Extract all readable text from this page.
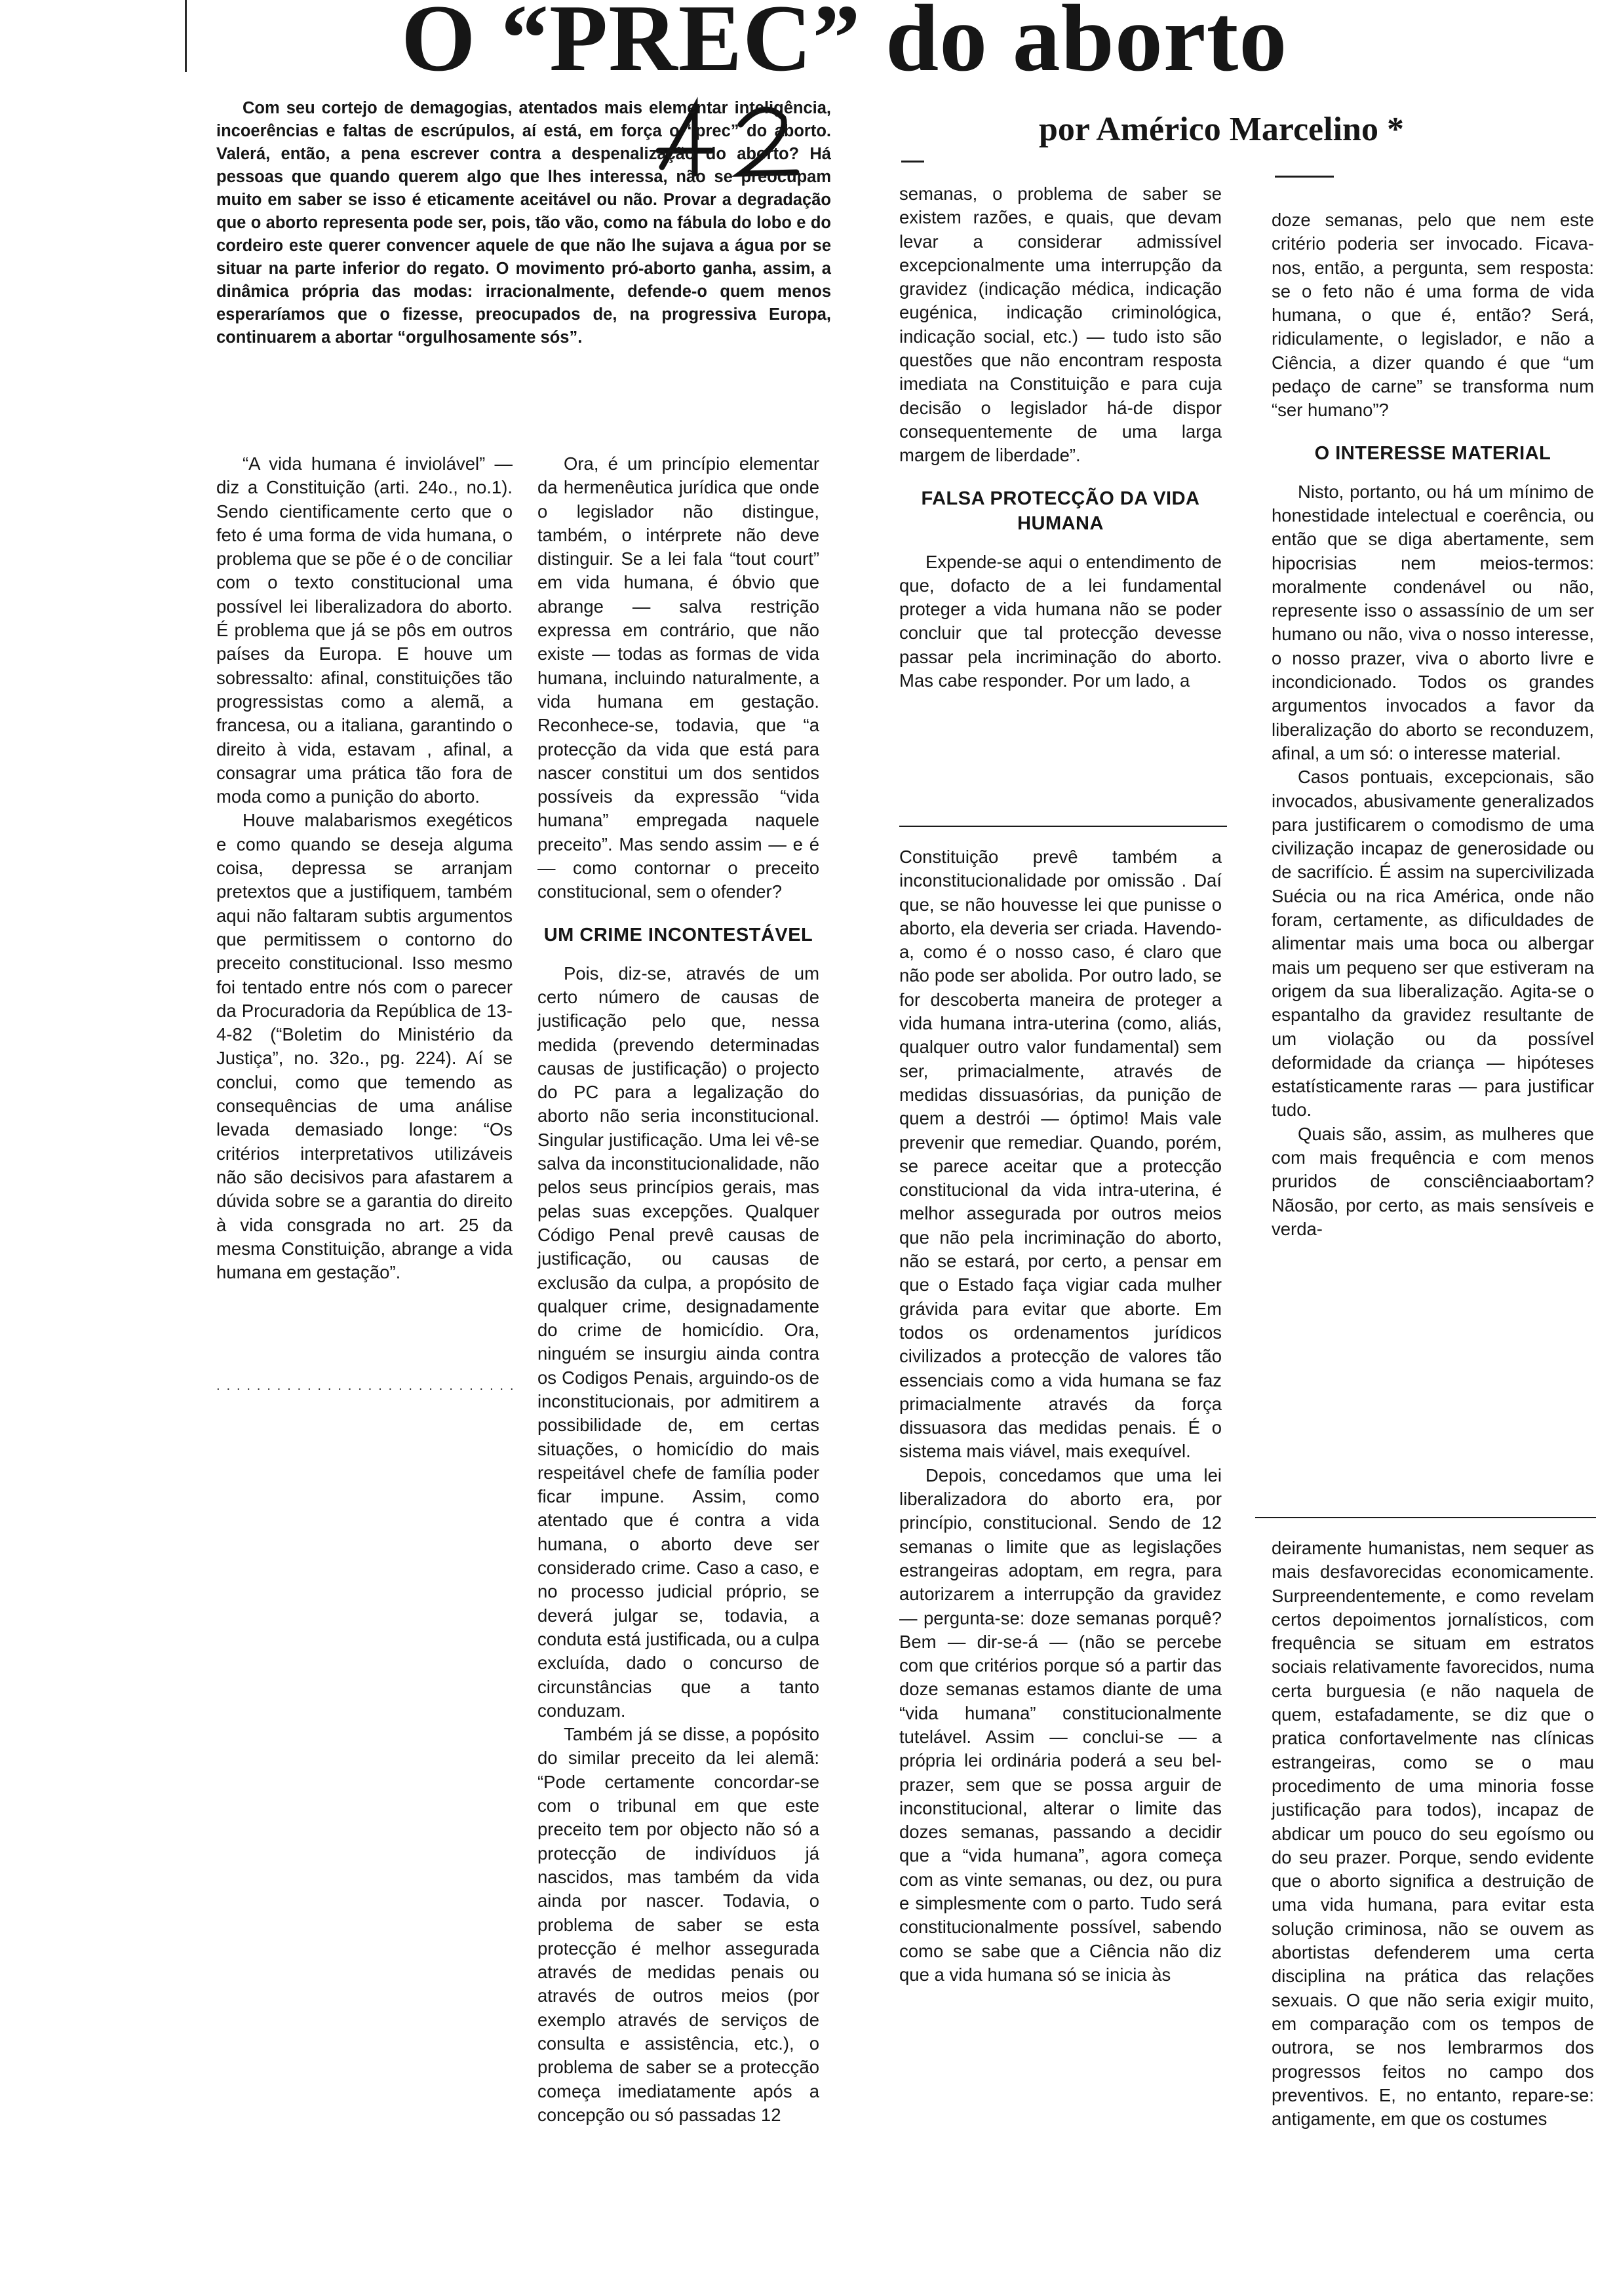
O “PREC” do aborto
por Américo Marcelino *

Com seu cortejo de demagogias, atentados mais elementar inteligência, incoerências e faltas de escrúpulos, aí está, em força o “prec” do aborto. Valerá, então, a pena escrever contra a despenalização do aborto? Há pessoas que quando querem algo que lhes interessa, não se preocupam muito em saber se isso é eticamente aceitável ou não. Provar a degradação que o aborto representa pode ser, pois, tão vão, como na fábula do lobo e do cordeiro este querer convencer aquele de que não lhe sujava a água por se situar na parte inferior do regato. O movimento pró-aborto ganha, assim, a dinâmica própria das modas: irracionalmente, defende-o quem menos esperaríamos que o fizesse, preocupados de, na progressiva Europa, continuarem a abortar “orgulhosamente sós”.

“A vida humana é inviolável” — diz a Constituição (arti. 24o., no.1). Sendo cientificamente certo que o feto é uma forma de vida humana, o problema que se põe é o de conciliar com o texto constitucional uma possível lei liberalizadora do aborto. É problema que já se pôs em outros países da Europa. E houve um sobressalto: afinal, constituições tão progressistas como a alemã, a francesa, ou a italiana, garantindo o direito à vida, estavam , afinal, a consagrar uma prática tão fora de moda como a punição do aborto.

Houve malabarismos exegéticos e como quando se deseja alguma coisa, depressa se arranjam pretextos que a justifiquem, também aqui não faltaram subtis argumentos que permitissem o contorno do preceito constitucional. Isso mesmo foi tentado entre nós com o parecer da Procuradoria da República de 13-4-82 (“Boletim do Ministério da Justiça”, no. 32o., pg. 224). Aí se conclui, como que temendo as consequências de uma análise levada demasiado longe: “Os critérios interpretativos utilizáveis não são decisivos para afastarem a dúvida sobre se a garantia do direito à vida consgrada no art. 25 da mesma Constituição, abrange a vida humana em gestação”.

· · · · · · · · · · · · · · · · · · · · · · · · · · · · · ·

Ora, é um princípio elementar da hermenêutica jurídica que onde o legislador não distingue, também, o intérprete não deve distinguir. Se a lei fala “tout court” em vida humana, é óbvio que abrange — salva restrição expressa em contrário, que não existe — todas as formas de vida humana, incluindo naturalmente, a vida humana em gestação. Reconhece-se, todavia, que “a protecção da vida que está para nascer constitui um dos sentidos possíveis da expressão “vida humana” empregada naquele preceito”. Mas sendo assim — e é — como contornar o preceito constitucional, sem o ofender?

UM CRIME INCONTESTÁVEL

Pois, diz-se, através de um certo número de causas de justificação pelo que, nessa medida (prevendo determinadas causas de justificação) o projecto do PC para a legalização do aborto não seria inconstitucional. Singular justificação. Uma lei vê-se salva da inconstitucionalidade, não pelos seus princípios gerais, mas pelas suas excepções. Qualquer Código Penal prevê causas de justificação, ou causas de exclusão da culpa, a propósito de qualquer crime, designadamente do crime de homicídio. Ora, ninguém se insurgiu ainda contra os Codigos Penais, arguindo-os de inconstitucionais, por admitirem a possibilidade de, em certas situações, o homicídio do mais respeitável chefe de família poder ficar impune. Assim, como atentado que é contra a vida humana, o aborto deve ser considerado crime. Caso a caso, e no processo judicial próprio, se deverá julgar se, todavia, a conduta está justificada, ou a culpa excluída, dado o concurso de circunstâncias que a tanto conduzam.

Também já se disse, a popósito do similar preceito da lei alemã: “Pode certamente concordar-se com o tribunal em que este preceito tem por objecto não só a protecção de indivíduos já nascidos, mas também da vida ainda por nascer. Todavia, o problema de saber se esta protecção é melhor assegurada através de medidas penais ou através de outros meios (por exemplo através de serviços de consulta e assistência, etc.), o problema de saber se a protecção começa imediatamente após a concepção ou só passadas 12

semanas, o problema de saber se existem razões, e quais, que devam levar a considerar admissível excepcionalmente uma interrupção da gravidez (indicação médica, indicação eugénica, indicação criminológica, indicação social, etc.) — tudo isto são questões que não encontram resposta imediata na Constituição e para cuja decisão o legislador há-de dispor consequentemente de uma larga margem de liberdade”.

FALSA PROTECÇÃO DA VIDA HUMANA

Expende-se aqui o entendimento de que, dofacto de a lei fundamental proteger a vida humana não se poder concluir que tal protecção devesse passar pela incriminação do aborto. Mas cabe responder. Por um lado, a

Constituição prevê também a inconstitucionalidade por omissão . Daí que, se não houvesse lei que punisse o aborto, ela deveria ser criada. Havendo-a, como é o nosso caso, é claro que não pode ser abolida. Por outro lado, se for descoberta maneira de proteger a vida humana intra-uterina (como, aliás, qualquer outro valor fundamental) sem ser, primacialmente, através de medidas dissuasórias, da punição de quem a destrói — óptimo! Mais vale prevenir que remediar. Quando, porém, se parece aceitar que a protecção constitucional da vida intra-uterina, é melhor assegurada por outros meios que não pela incriminação do aborto, não se estará, por certo, a pensar em que o Estado faça vigiar cada mulher grávida para evitar que aborte. Em todos os ordenamentos jurídicos civilizados a protecção de valores tão essenciais como a vida humana se faz primacialmente através da força dissuasora das medidas penais. É o sistema mais viável, mais exequível.

Depois, concedamos que uma lei liberalizadora do aborto era, por princípio, constitucional. Sendo de 12 semanas o limite que as legislações estrangeiras adoptam, em regra, para autorizarem a interrupção da gravidez — pergunta-se: doze semanas porquê? Bem — dir-se-á — (não se percebe com que critérios porque só a partir das doze semanas estamos diante de uma “vida humana” constitucionalmente tutelável. Assim — conclui-se — a própria lei ordinária poderá a seu bel-prazer, sem que se possa arguir de inconstitucional, alterar o limite das dozes semanas, passando a decidir que a “vida humana”, agora começa com as vinte semanas, ou dez, ou pura e simplesmente com o parto. Tudo será constitucionalmente possível, sabendo como se sabe que a Ciência não diz que a vida humana só se inicia às

doze semanas, pelo que nem este critério poderia ser invocado. Ficava-nos, então, a pergunta, sem resposta: se o feto não é uma forma de vida humana, o que é, então? Será, ridiculamente, o legislador, e não a Ciência, a dizer quando é que “um pedaço de carne” se transforma num “ser humano”?

O INTERESSE MATERIAL

Nisto, portanto, ou há um mínimo de honestidade intelectual e coerência, ou então que se diga abertamente, sem hipocrisias nem meios-termos: moralmente condenável ou não, represente isso o assassínio de um ser humano ou não, viva o nosso interesse, o nosso prazer, viva o aborto livre e incondicionado. Todos os grandes argumentos invocados a favor da liberalização do aborto se reconduzem, afinal, a um só: o interesse material.

Casos pontuais, excepcionais, são invocados, abusivamente generalizados para justificarem o comodismo de uma civilização incapaz de generosidade ou de sacrifício. É assim na supercivilizada Suécia ou na rica América, onde não foram, certamente, as dificuldades de alimentar mais uma boca ou albergar mais um pequeno ser que estiveram na origem da sua liberalização. Agita-se o espantalho da gravidez resultante de um violação ou da possível deformidade da criança — hipóteses estatísticamente raras — para justificar tudo.

Quais são, assim, as mulheres que com mais frequência e com menos pruridos de consciênciaabortam? Nãosão, por certo, as mais sensíveis e verda-

deiramente humanistas, nem sequer as mais desfavorecidas economicamente. Surpreendentemente, e como revelam certos depoimentos jornalísticos, com frequência se situam em estratos sociais relativamente favorecidos, numa certa burguesia (e não naquela de quem, estafadamente, se diz que o pratica confortavelmente nas clínicas estrangeiras, como se o mau procedimento de uma minoria fosse justificação para todos), incapaz de abdicar um pouco do seu egoísmo ou do seu prazer. Porque, sendo evidente que o aborto significa a destruição de uma vida humana, para evitar esta solução criminosa, não se ouvem as abortistas defenderem uma certa disciplina na prática das relações sexuais. O que não seria exigir muito, em comparação com os tempos de outrora, se nos lembrarmos dos progressos feitos no campo dos preventivos. E, no entanto, repare-se: antigamente, em que os costumes
